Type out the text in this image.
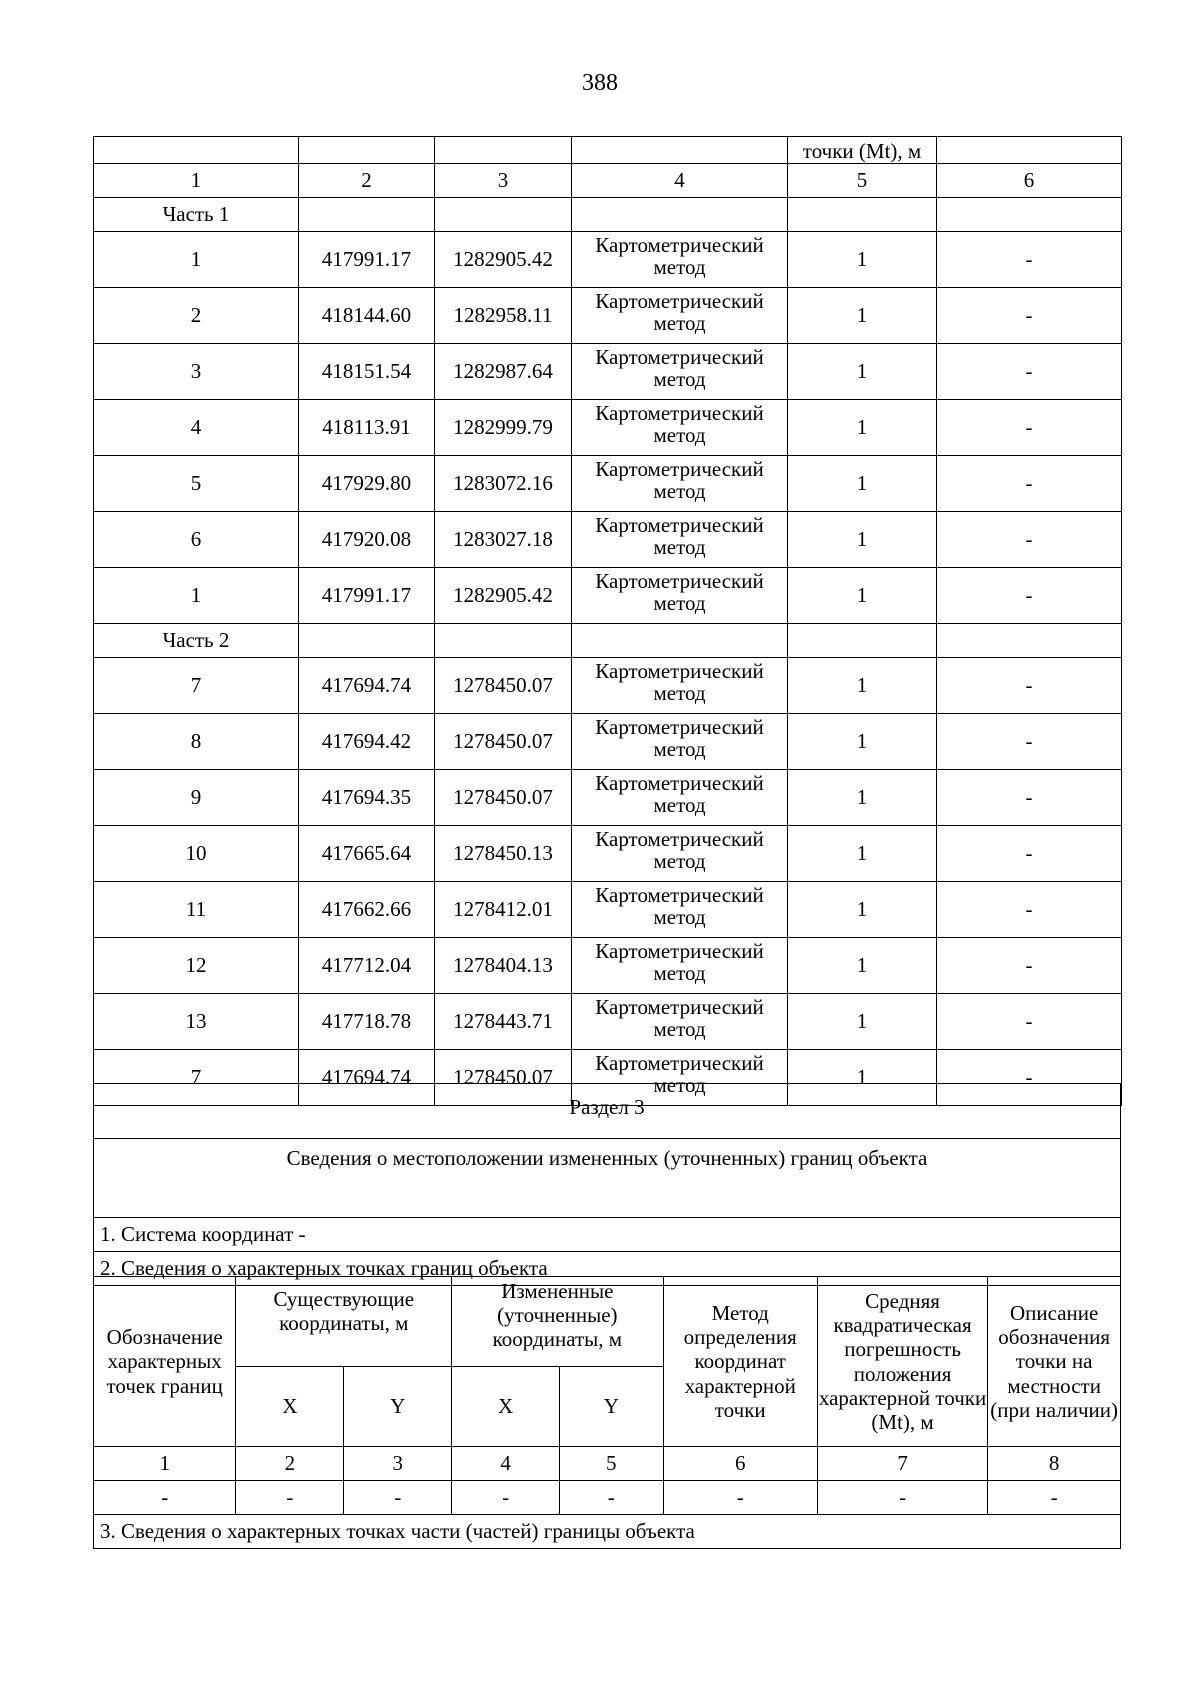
388
				точки (Mt), м	
1	2	3	4	5	6
Часть 1					
1	417991.17	1282905.42	Картометрический метод	1	-
2	418144.60	1282958.11	Картометрический метод	1	-
3	418151.54	1282987.64	Картометрический метод	1	-
4	418113.91	1282999.79	Картометрический метод	1	-
5	417929.80	1283072.16	Картометрический метод	1	-
6	417920.08	1283027.18	Картометрический метод	1	-
1	417991.17	1282905.42	Картометрический метод	1	-
Часть 2					
7	417694.74	1278450.07	Картометрический метод	1	-
8	417694.42	1278450.07	Картометрический метод	1	-
9	417694.35	1278450.07	Картометрический метод	1	-
10	417665.64	1278450.13	Картометрический метод	1	-
11	417662.66	1278412.01	Картометрический метод	1	-
12	417712.04	1278404.13	Картометрический метод	1	-
13	417718.78	1278443.71	Картометрический метод	1	-
7	417694.74	1278450.07	Картометрический метод	1	-
Раздел 3
Сведения о местоположении измененных (уточненных) границ объекта
1. Система координат -
2. Сведения о характерных точках границ объекта
Обозначение характерных точек границ	Существующие координаты, м		Измененные (уточненные) координаты, м		Метод определения координат характерной точки	Средняя квадратическая погрешность положения характерной точки (Mt), м	Описание обозначения точки на местности (при наличии)
	X	Y	X	Y			
1	2	3	4	5	6	7	8
-	-	-	-	-	-	-	-
3. Сведения о характерных точках части (частей) границы объекта							
